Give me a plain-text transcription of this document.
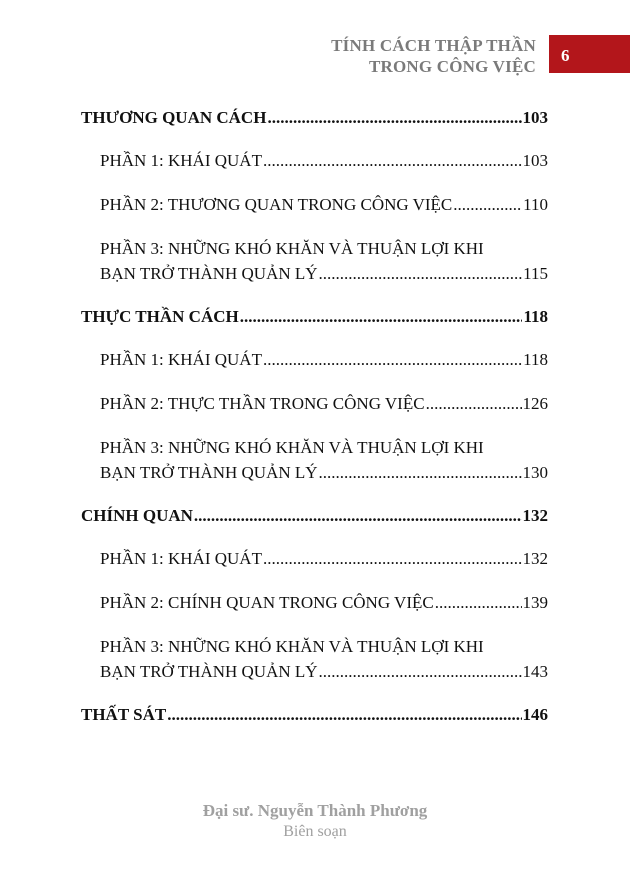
TÍNH CÁCH THẬP THẦN
TRONG CÔNG VIỆC
6
THƯƠNG QUAN CÁCH .....	103
PHẦN 1: KHÁI QUÁT .....	103
PHẦN 2: THƯƠNG QUAN TRONG CÔNG VIỆC .....	110
PHẦN 3: NHỮNG KHÓ KHĂN VÀ THUẬN LỢI KHI
BẠN TRỞ THÀNH QUẢN LÝ .....	115
THỰC THẦN CÁCH .....	118
PHẦN 1: KHÁI QUÁT .....	118
PHẦN 2: THỰC THẦN TRONG CÔNG VIỆC .....	126
PHẦN 3: NHỮNG KHÓ KHĂN VÀ THUẬN LỢI KHI
BẠN TRỞ THÀNH QUẢN LÝ .....	130
CHÍNH QUAN .....	132
PHẦN 1: KHÁI QUÁT .....	132
PHẦN 2: CHÍNH QUAN TRONG CÔNG VIỆC .....	139
PHẦN 3: NHỮNG KHÓ KHĂN VÀ THUẬN LỢI KHI
BẠN TRỞ THÀNH QUẢN LÝ .....	143
THẤT SÁT .....	146
Đại sư. Nguyễn Thành Phương
Biên soạn
